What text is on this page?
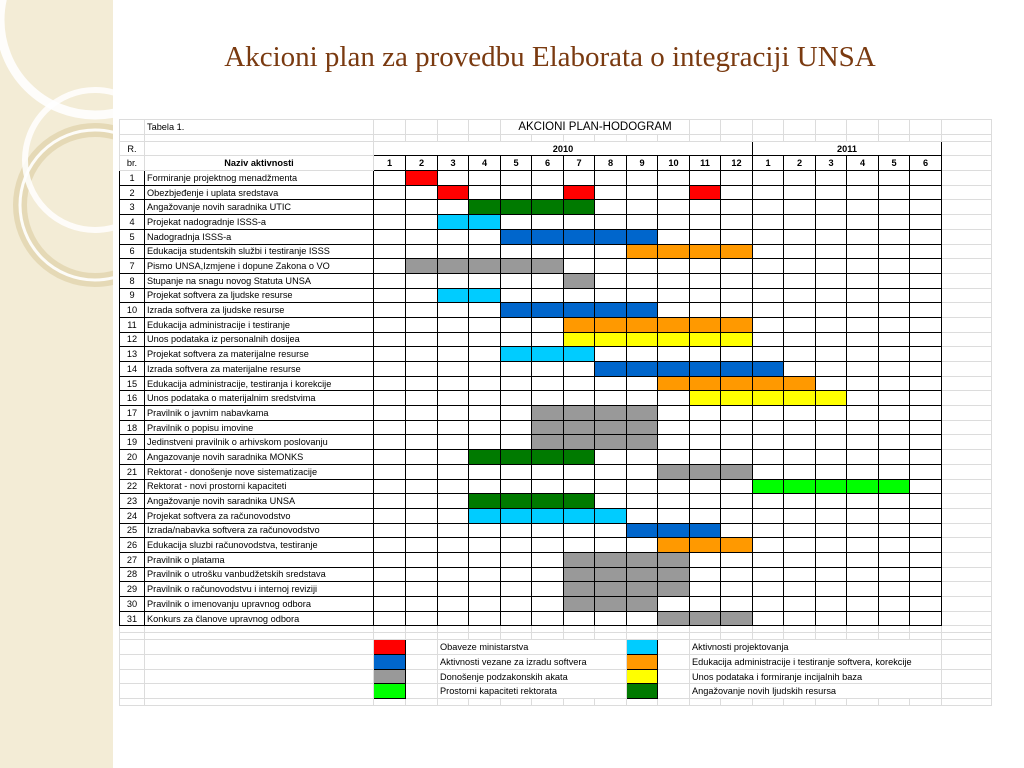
Akcioni plan za provedbu Elaborata o integraciji UNSA
	Tabela 1.					AKCIONI PLAN-HODOGRAM														

R.		2010												2011						
br.	Naziv aktivnosti	1	2	3	4	5	6	7	8	9	10	11	12	1	2	3	4	5	6	
1	Formiranje projektnog menadžmenta																			
2	Obezbjeđenje i uplata sredstava																			
3	Angažovanje novih saradnika UTIC																			
4	Projekat nadogradnje ISSS-a																			
5	Nadogradnja ISSS-a																			
6	Edukacija studentskih službi i testiranje ISSS																			
7	Pismo UNSA,Izmjene i dopune Zakona o VO																			
8	Stupanje na snagu novog Statuta UNSA																			
9	Projekat softvera za ljudske resurse																			
10	Izrada softvera za ljudske resurse																			
11	Edukacija administracije i testiranje																			
12	Unos podataka iz personalnih dosijea																			
13	Projekat softvera za materijalne resurse																			
14	Izrada softvera za materijalne resurse																			
15	Edukacija administracije, testiranja i korekcije																			
16	Unos podataka o materijalnim sredstvima																			
17	Pravilnik o javnim nabavkama																			
18	Pravilnik o popisu imovine																			
19	Jedinstveni pravilnik o arhivskom poslovanju																			
20	Angazovanje novih saradnika MONKS																			
21	Rektorat - donošenje nove sistematizacije																			
22	Rektorat - novi prostorni kapaciteti																			
23	Angažovanje novih saradnika UNSA																			
24	Projekat softvera za računovodstvo																			
25	Izrada/nabavka softvera za računovodstvo																			
26	Edukacija sluzbi računovodstva, testiranje																			
27	Pravilnik o platama																			
28	Pravilnik o utrošku vanbudžetskih sredstava																			
29	Pravilnik o računovodstvu i internoj reviziji																			
30	Pravilnik o imenovanju upravnog odbora																			
31	Konkurs za članove upravnog odbora																			

				Obaveze ministarstva								Aktivnosti projektovanja								
				Aktivnosti vezane za izradu softvera								Edukacija administracije i testiranje softvera, korekcije								
				Donošenje podzakonskih akata								Unos podataka i formiranje incijalnih baza								
				Prostorni kapaciteti rektorata								Angažovanje novih ljudskih resursa								
